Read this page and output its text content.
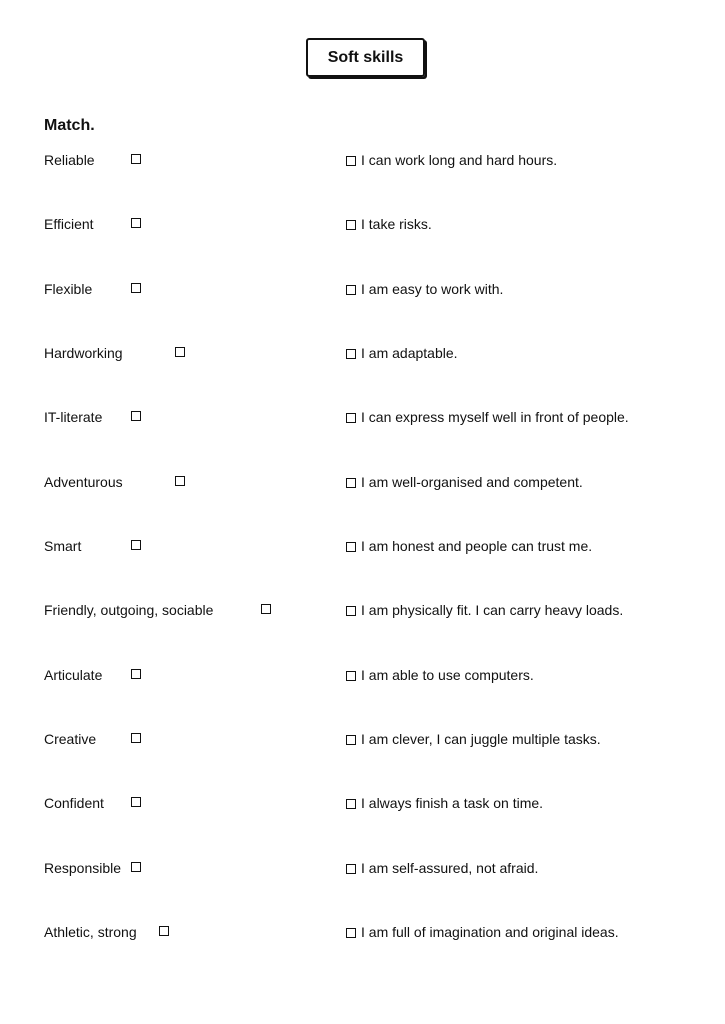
Soft skills
Match.
Reliable	I can work long and hard hours.
Efficient	I take risks.
Flexible	I am easy to work with.
Hardworking	I am adaptable.
IT-literate	I can express myself well in front of people.
Adventurous	I am well-organised and competent.
Smart	I am honest and people can trust me.
Friendly, outgoing, sociable	I am physically fit. I can carry heavy loads.
Articulate	I am able to use computers.
Creative	I am clever, I can juggle multiple tasks.
Confident	I always finish a task on time.
Responsible	I am self-assured, not afraid.
Athletic, strong	I am full of imagination and original ideas.
